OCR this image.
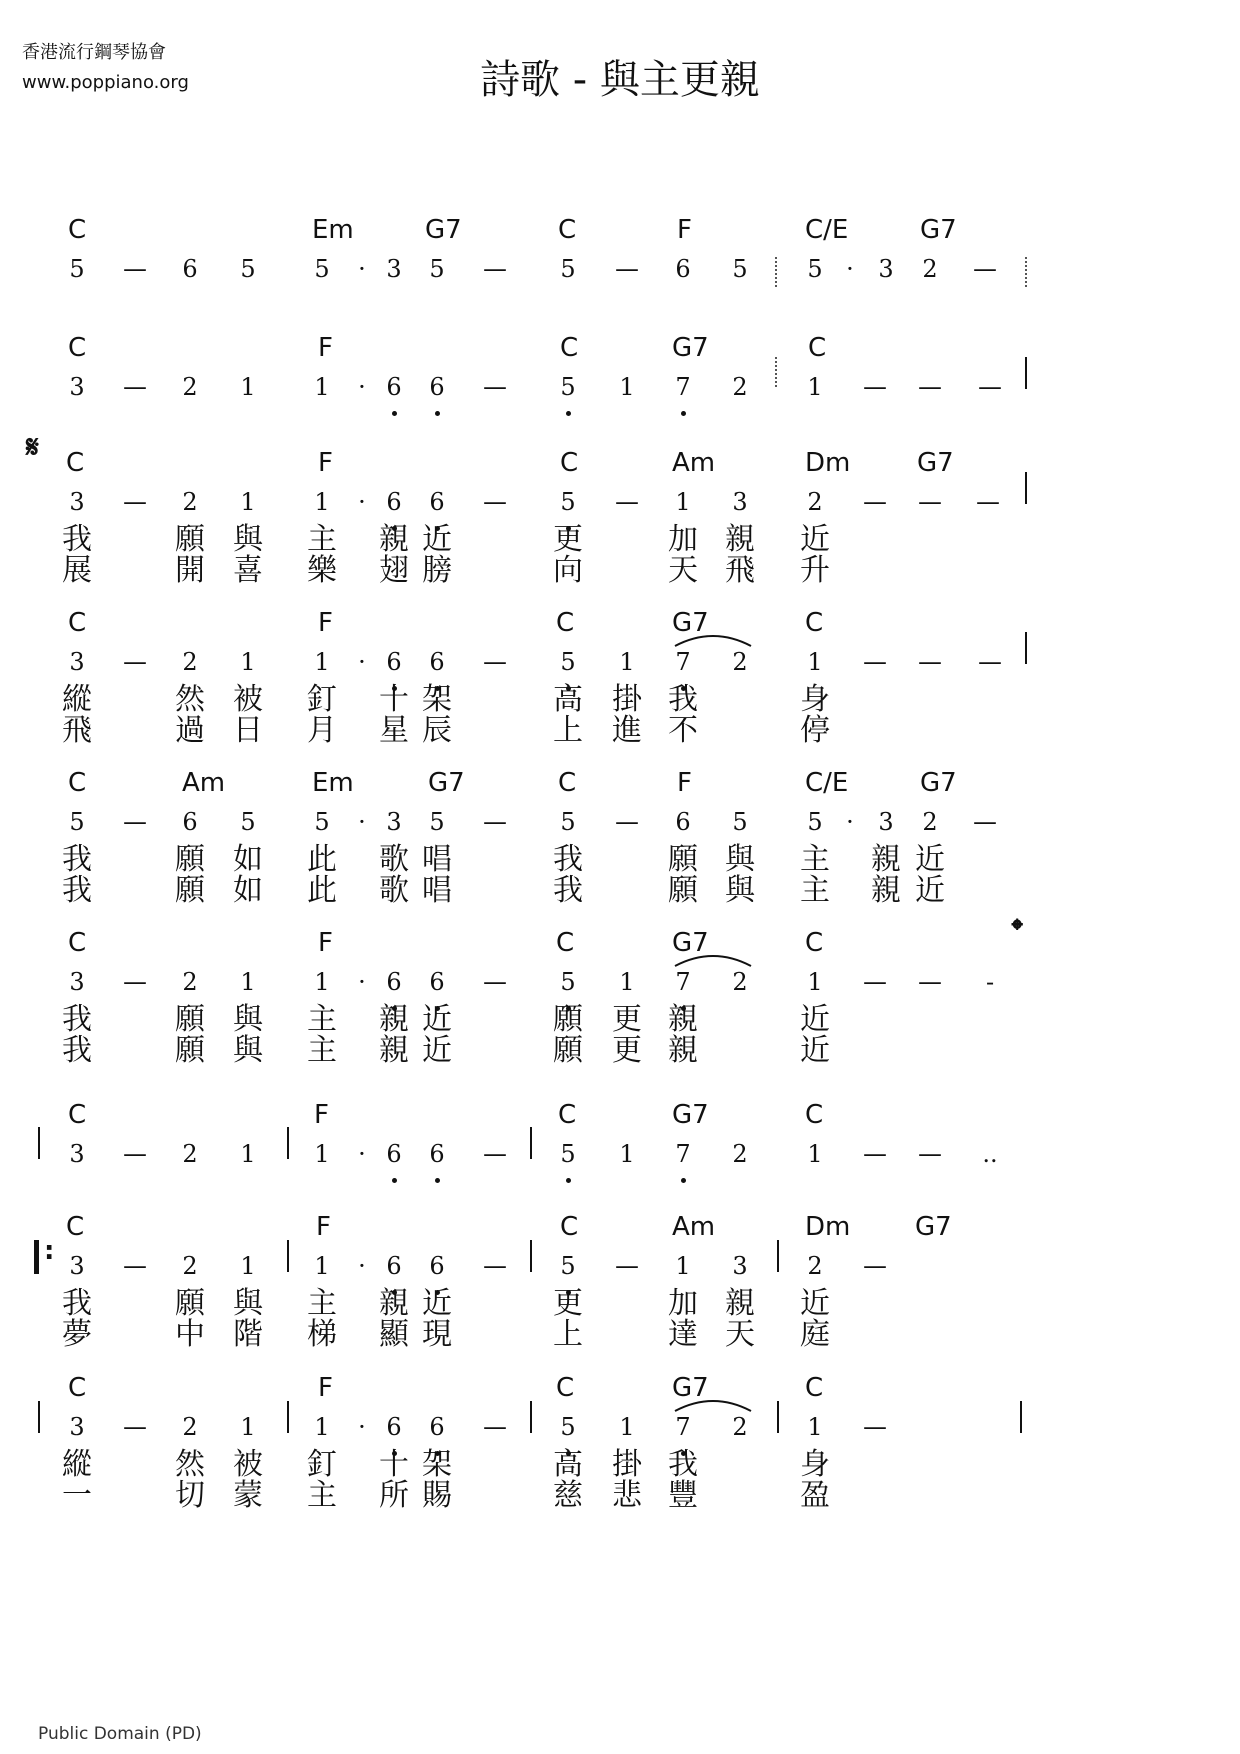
香港流行鋼琴協會
www.poppiano.org	詩歌 - 與主更親
C	Em	G7	C	F	C/E	G7
5 — 6 5 5 · 3 5 — 5 — 6 5 5 · 3 2 —
C	F	C	G7	C
3 — 2 1 1 · 6 6 — 5 1 7 2 1 — — —
C	F	C	Am	Dm	G7
3 — 2 1 1 · 6 6 — 5 — 1 3 2 — — —
我	願 與 主 親 近	更	加 親 近
展	開 喜 樂 翅 膀	向	天 飛 升
C	F	C	G7	C
3 — 2 1 1 · 6 6 — 5 1 7 2 1 — — —
縱	然 被 釘 十 架	高 掛 我	身
飛	過 日 月 星 辰	上 進 不	停
C	Am	Em	G7	C	F	C/E	G7
5 — 6 5 5 · 3 5 — 5 — 6 5 5 · 3 2 —
我	願 如 此 歌 唱	我	願 與 主 親 近
我	願 如 此 歌 唱	我	願 與 主 親 近
C	F	C	G7	C
3 — 2 1 1 · 6 6 — 5 1 7 2 1 — — -
我	願 與 主 親 近	願 更 親	近
我	願 與 主 親 近	願 更 親	近
C	F	C	G7	C
3 — 2 1 1 · 6 6 — 5 1 7 2 1 — — ..
C	F	C	Am	Dm G7
3 — 2 1 1 · 6 6 — 5 — 1 3 2 —
我	願 與 主 親 近	更	加 親 近
夢	中 階 梯 顯 現	上	達 天 庭
C	F	C	G7	C
3 — 2 1 1 · 6 6 — 5 1 7 2 1 —
縱	然 被 釘 十 架	高 掛 我	身
一	切 蒙 主 所 賜	慈 悲 豐	盈
:
𝄋
𝄌
Public Domain (PD)
